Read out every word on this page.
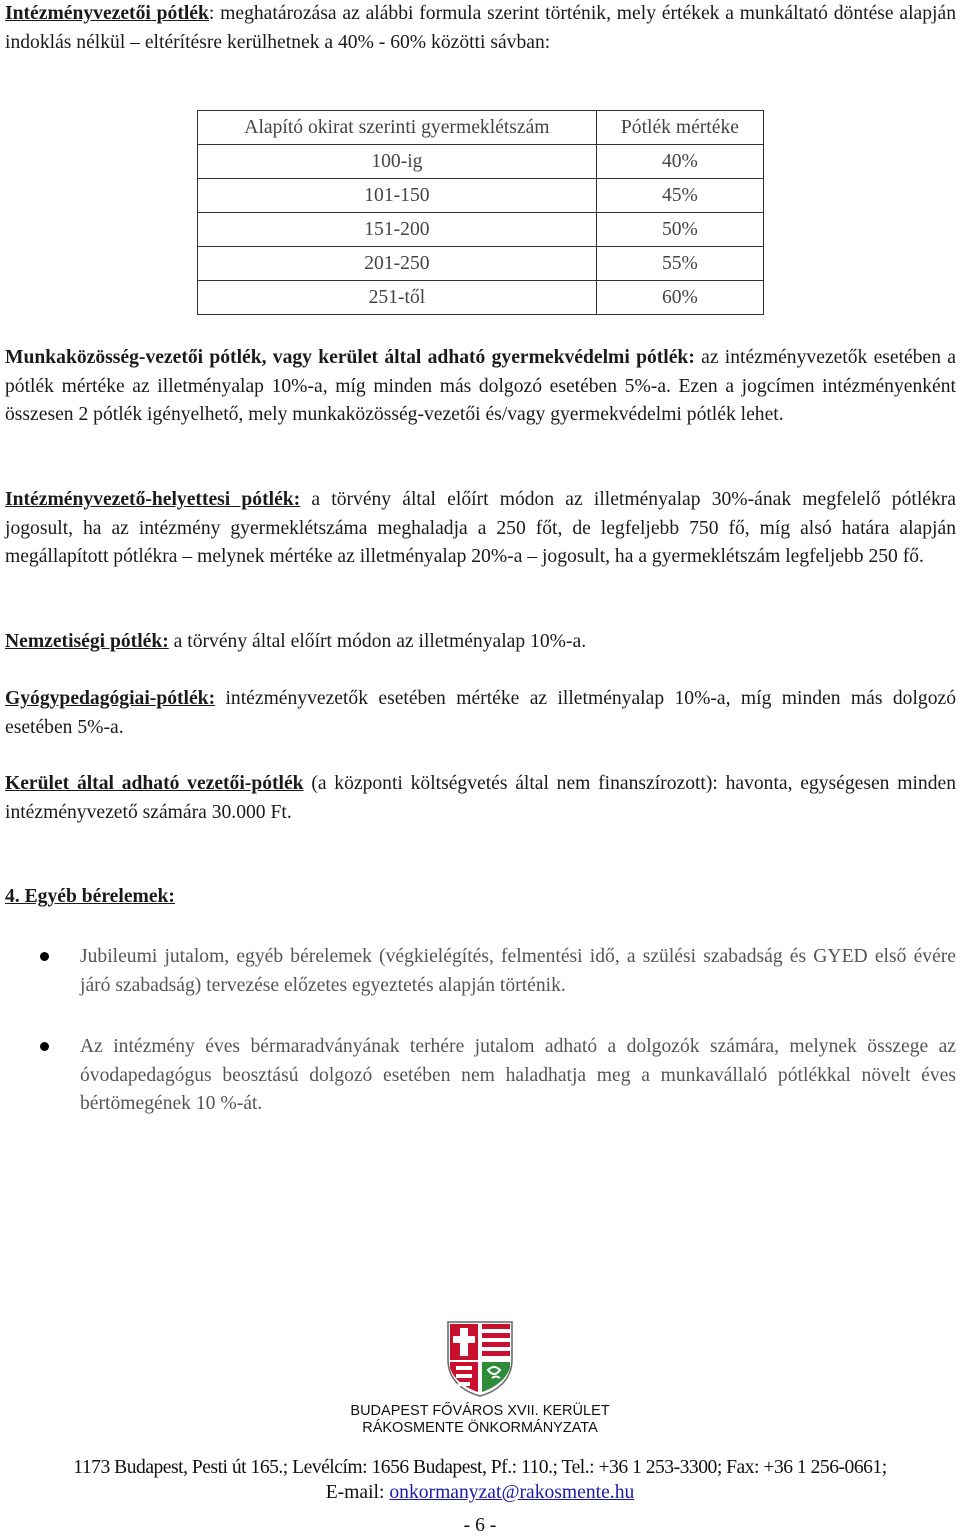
Intézményvezetői pótlék: meghatározása az alábbi formula szerint történik, mely értékek a munkáltató döntése alapján indoklás nélkül – eltérítésre kerülhetnek a 40% - 60% közötti sávban:

Alapító okirat szerinti gyermeklétszám	Pótlék mértéke
100-ig	40%
101-150	45%
151-200	50%
201-250	55%
251-től	60%

Munkaközösség-vezetői pótlék, vagy kerület által adható gyermekvédelmi pótlék: az intézményvezetők esetében a pótlék mértéke az illetményalap 10%-a, míg minden más dolgozó esetében 5%-a. Ezen a jogcímen intézményenként összesen 2 pótlék igényelhető, mely munkaközösség-vezetői és/vagy gyermekvédelmi pótlék lehet.

Intézményvezető-helyettesi pótlék: a törvény által előírt módon az illetményalap 30%-ának megfelelő pótlékra jogosult, ha az intézmény gyermeklétszáma meghaladja a 250 főt, de legfeljebb 750 fő, míg alsó határa alapján megállapított pótlékra – melynek mértéke az illetményalap 20%-a – jogosult, ha a gyermeklétszám legfeljebb 250 fő.

Nemzetiségi pótlék: a törvény által előírt módon az illetményalap 10%-a.

Gyógypedagógiai-pótlék: intézményvezetők esetében mértéke az illetményalap 10%-a, míg minden más dolgozó esetében 5%-a.

Kerület által adható vezetői-pótlék (a központi költségvetés által nem finanszírozott): havonta, egységesen minden intézményvezető számára 30.000 Ft.

4. Egyéb bérelemek:

Jubileumi jutalom, egyéb bérelemek (végkielégítés, felmentési idő, a szülési szabadság és GYED első évére járó szabadság) tervezése előzetes egyeztetés alapján történik.

Az intézmény éves bérmaradványának terhére jutalom adható a dolgozók számára, melynek összege az óvodapedagógus beosztású dolgozó esetében nem haladhatja meg a munkavállaló pótlékkal növelt éves bértömegének 10 %-át.

BUDAPEST FŐVÁROS XVII. KERÜLET
RÁKOSMENTE ÖNKORMÁNYZATA
1173 Budapest, Pesti út 165.; Levélcím: 1656 Budapest, Pf.: 110.; Tel.: +36 1 253-3300; Fax: +36 1 256-0661;
E-mail: onkormanyzat@rakosmente.hu
- 6 -
